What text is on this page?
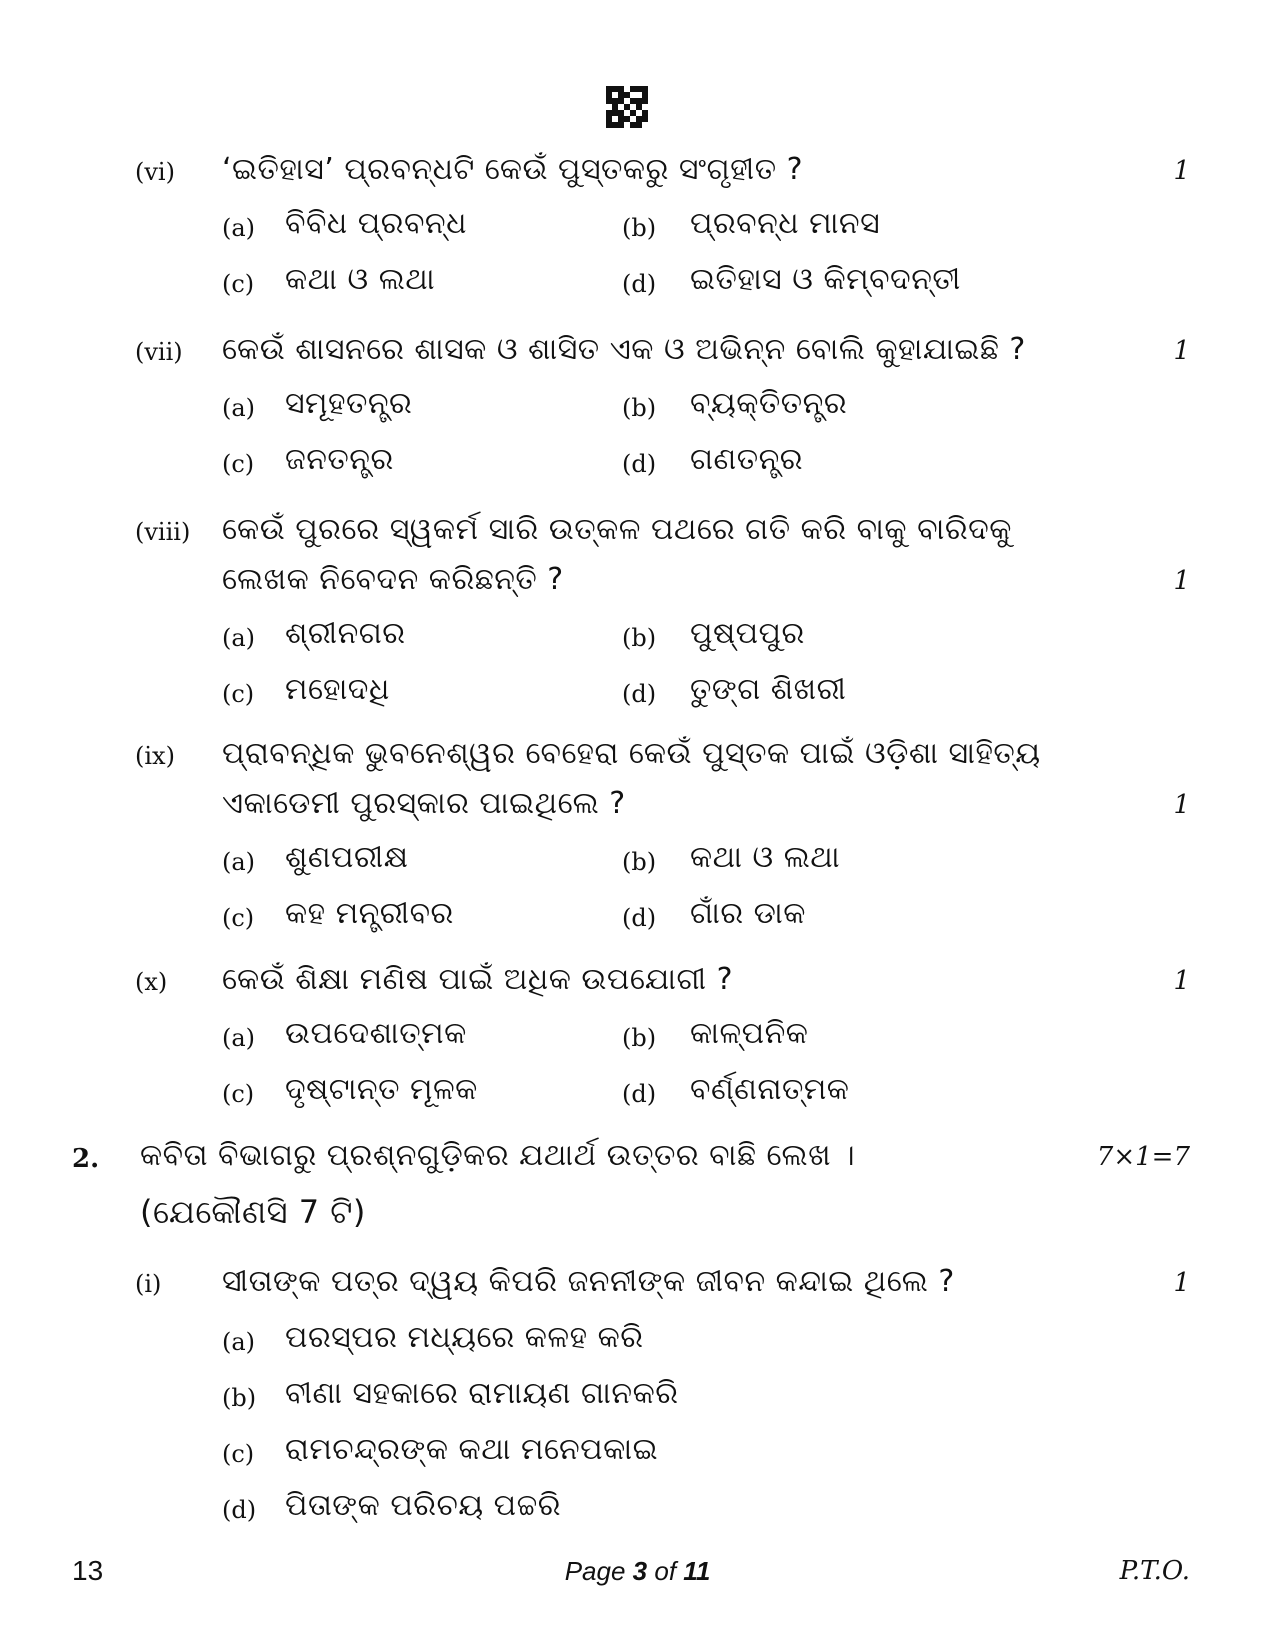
(vi) ‘ଇତିହାସ’ ପ୍ରବନ୍ଧଟି କେଉଁ ପୁସ୍ତକରୁ ସଂଗୃହୀତ ?	1
(a) ବିବିଧ ପ୍ରବନ୍ଧ	(b) ପ୍ରବନ୍ଧ ମାନସ
(c) କଥା ଓ ଲଥା	(d) ଇତିହାସ ଓ କିମ୍ବଦନ୍ତୀ
(vii) କେଉଁ ଶାସନରେ ଶାସକ ଓ ଶାସିତ ଏକ ଓ ଅଭିନ୍ନ ବୋଲି କୁହାଯାଇଛି ?	1
(a) ସମୂହତନ୍ତ୍ର	(b) ବ୍ୟକ୍ତିତନ୍ତ୍ର
(c) ଜନତନ୍ତ୍ର	(d) ଗଣତନ୍ତ୍ର
(viii) କେଉଁ ପୁରରେ ସ୍ୱକର୍ମ ସାରି ଉତ୍କଳ ପଥରେ ଗତି କରି ବାକୁ ବାରିଦକୁ
ଲେଖକ ନିବେଦନ କରିଛନ୍ତି ?	1
(a) ଶ୍ରୀନଗର	(b) ପୁଷ୍ପପୁର
(c) ମହୋଦଧି	(d) ତୁଙ୍ଗ ଶିଖରୀ
(ix) ପ୍ରାବନ୍ଧିକ ଭୁବନେଶ୍ୱର ବେହେରା କେଉଁ ପୁସ୍ତକ ପାଇଁ ଓଡ଼ିଶା ସାହିତ୍ୟ
ଏକାଡେମୀ ପୁରସ୍କାର ପାଇଥିଲେ ?	1
(a) ଶୁଣପରୀକ୍ଷ	(b) କଥା ଓ ଲଥା
(c) କହ ମନ୍ତ୍ରୀବର	(d) ଗାଁର ଡାକ
(x) କେଉଁ ଶିକ୍ଷା ମଣିଷ ପାଇଁ ଅଧିକ ଉପଯୋଗୀ ?	1
(a) ଉପଦେଶାତ୍ମକ	(b) କାଳ୍ପନିକ
(c) ଦୃଷ୍ଟାନ୍ତ ମୂଳକ	(d) ବର୍ଣ୍ଣନାତ୍ମକ
2. କବିତା ବିଭାଗରୁ ପ୍ରଶ୍ନଗୁଡ଼ିକର ଯଥାର୍ଥ ଉତ୍ତର ବାଛି ଲେଖ ।	7×1=7
(ଯେକୌଣସି 7 ଟି)
(i) ସୀତାଙ୍କ ପତ୍ର ଦ୍ୱୟ କିପରି ଜନନୀଙ୍କ ଜୀବନ କନ୍ଦାଇ ଥିଲେ ?	1
(a) ପରସ୍ପର ମଧ୍ୟରେ କଳହ କରି
(b) ବୀଣା ସହକାରେ ରାମାୟଣ ଗାନକରି
(c) ରାମଚନ୍ଦ୍ରଙ୍କ କଥା ମନେପକାଇ
(d) ପିତାଙ୍କ ପରିଚୟ ପଚ୍ଚରି
13	Page 3 of 11	P.T.O.
